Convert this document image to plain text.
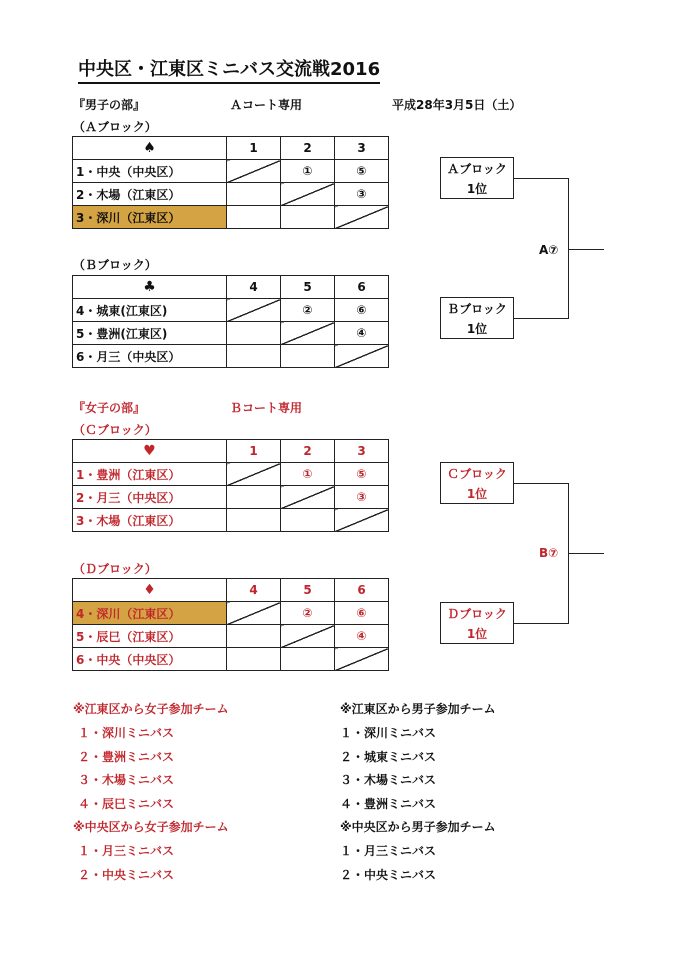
中央区・江東区ミニバス交流戦2016
『男子の部』	Ａコート専用	平成28年3月5日（土）
（Ａブロック）
♠	1	2	3
1・中央（中央区）		①	⑤
2・木場（江東区）			③
3・深川（江東区）			
（Ｂブロック）
♣	4	5	6
4・城東(江東区)		②	⑥
5・豊洲(江東区)			④
6・月三（中央区）			
Ａブロック
1位
Ｂブロック
1位
A⑦
『女子の部』	Ｂコート専用
（Ｃブロック）
♥	1	2	3
1・豊洲（江東区）		①	⑤
2・月三（中央区）			③
3・木場（江東区）			
（Ｄブロック）
♦	4	5	6
4・深川（江東区）		②	⑥
5・辰巳（江東区）			④
6・中央（中央区）			
Ｃブロック
1位
Ｄブロック
1位
B⑦
※江東区から女子参加チーム
１・深川ミニバス
２・豊洲ミニバス
３・木場ミニバス
４・辰巳ミニバス
※中央区から女子参加チーム
１・月三ミニバス
２・中央ミニバス
※江東区から男子参加チーム
１・深川ミニバス
２・城東ミニバス
３・木場ミニバス
４・豊洲ミニバス
※中央区から男子参加チーム
１・月三ミニバス
２・中央ミニバス
